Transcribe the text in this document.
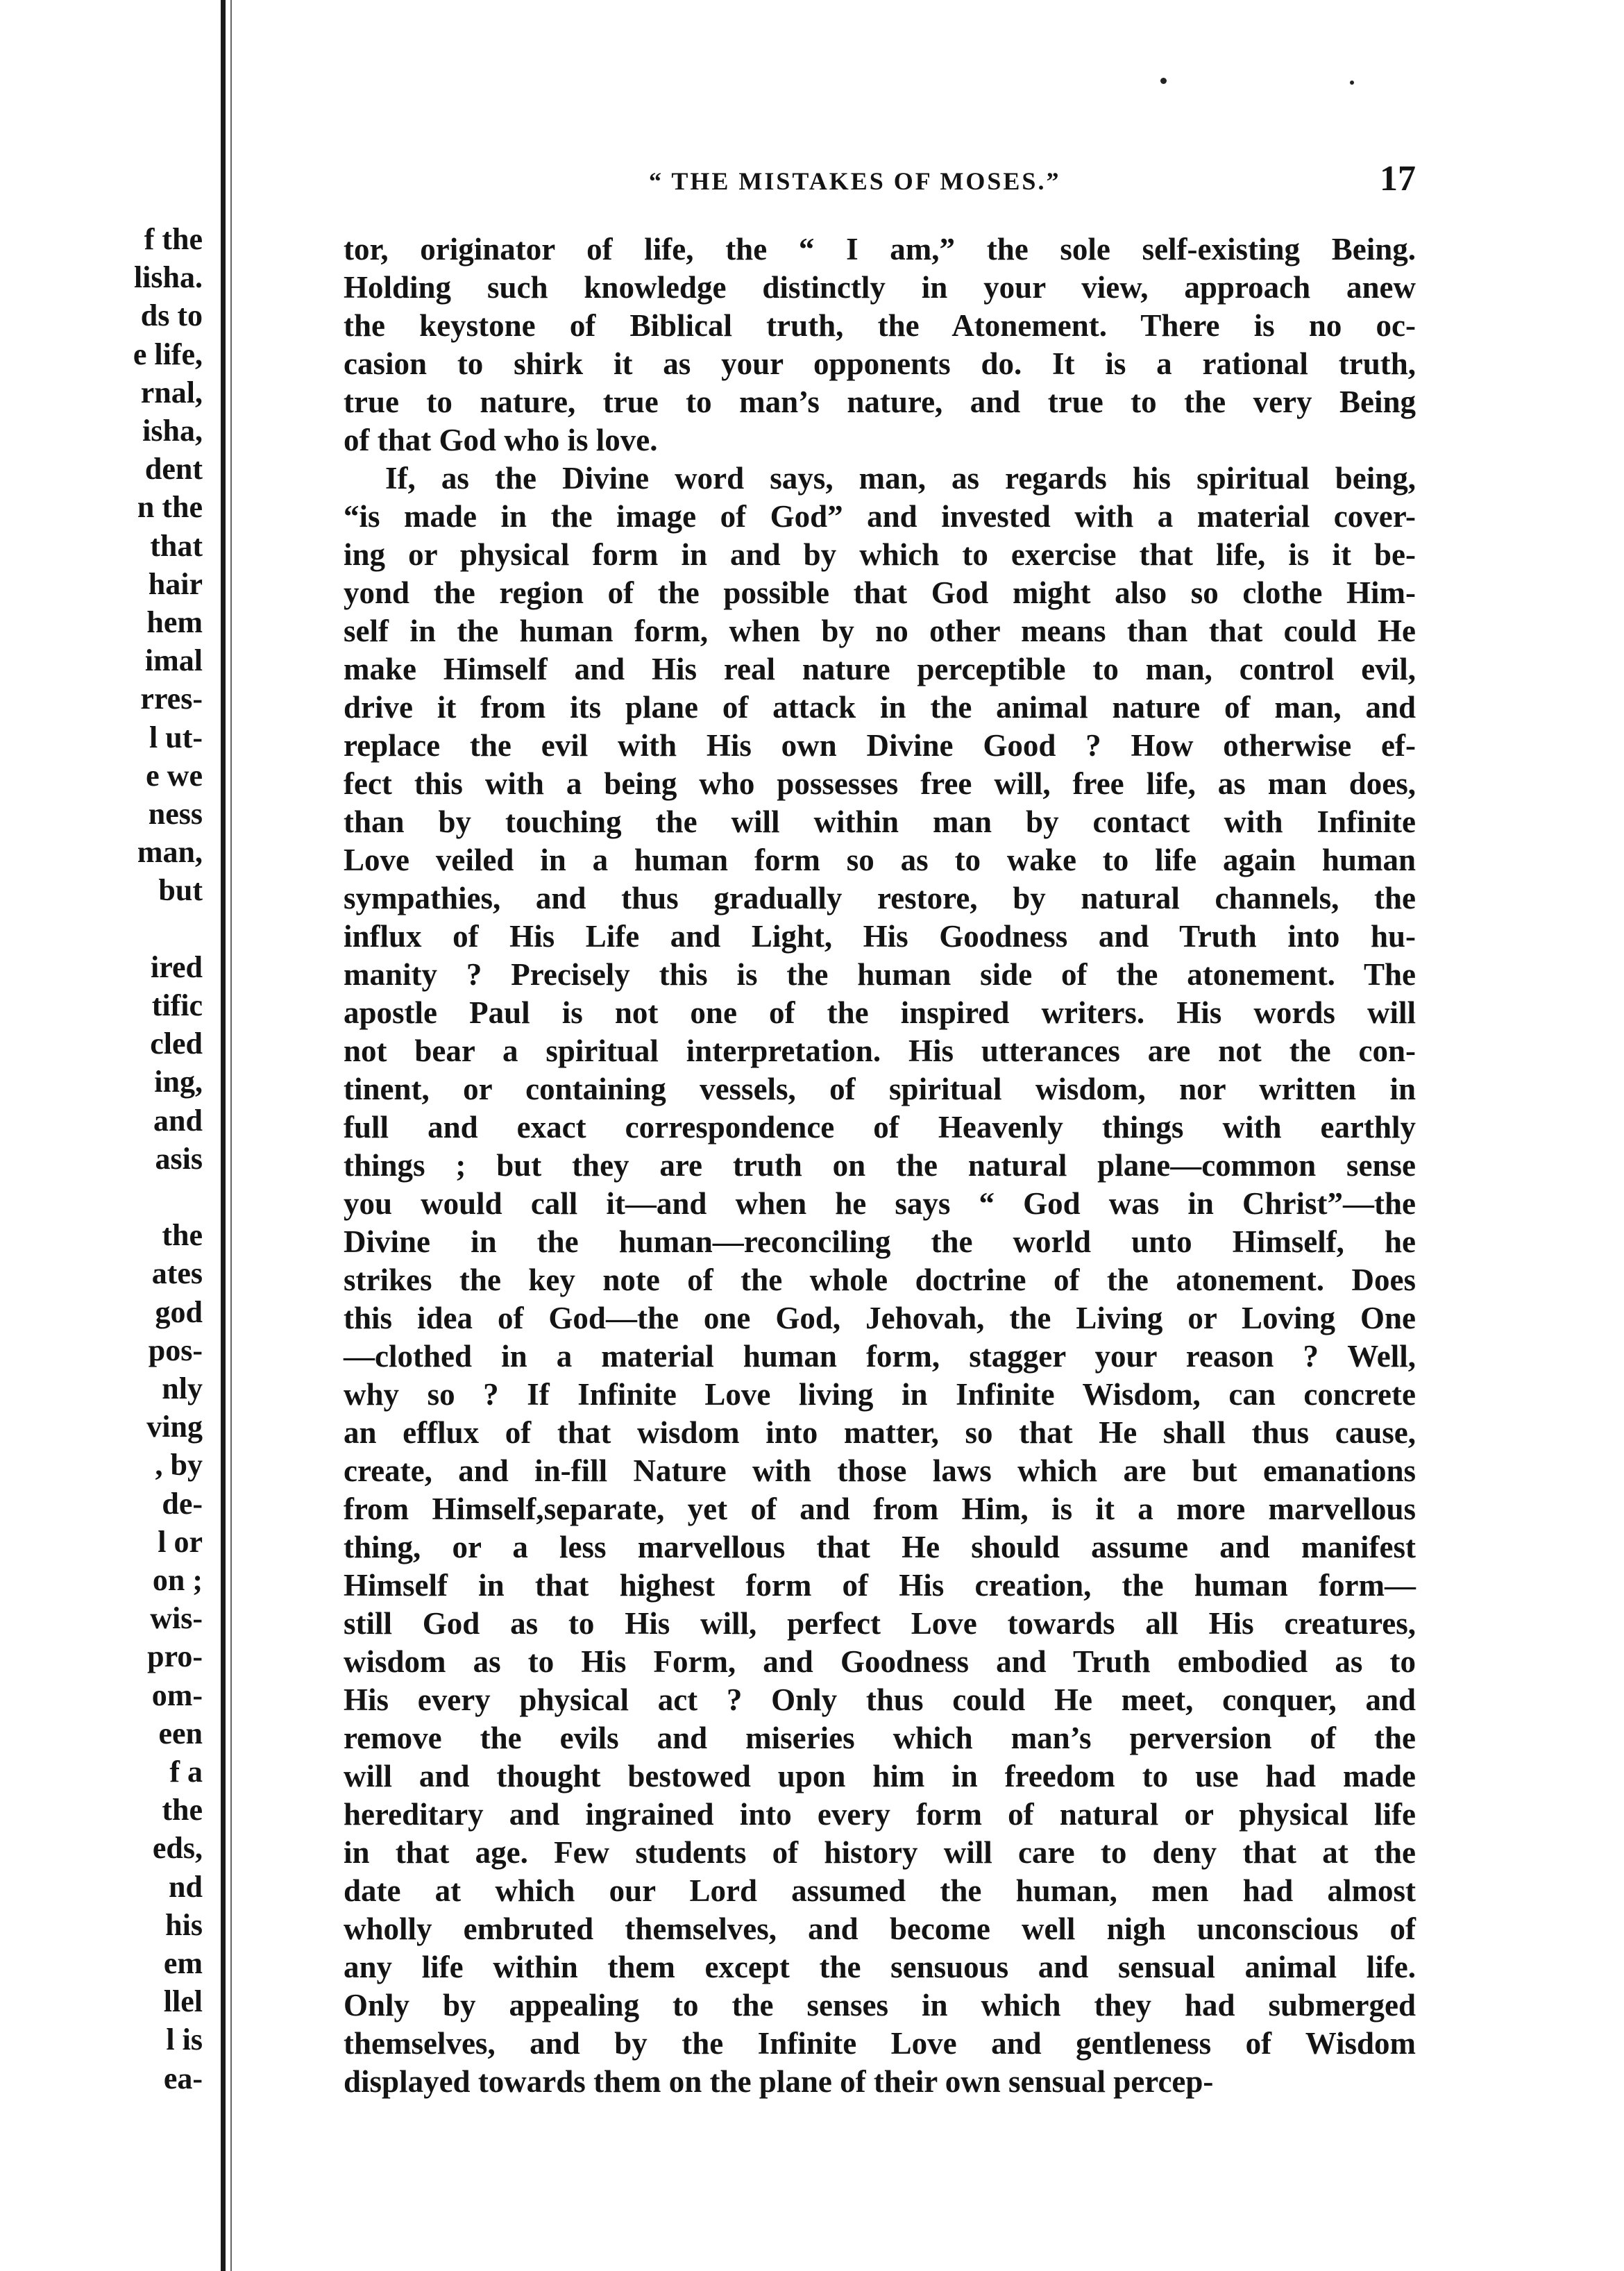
f the
lisha.
ds to
e life,
rnal,
isha,
dent
n the
that
hair
hem
imal
rres-
l ut-
e we
ness
man,
but
ired
tific
cled
ing,
and
asis
the
ates
god
pos-
nly
ving
, by
de-
l or
on ;
wis-
pro-
om-
een
f a
the
eds,
nd
his
em
llel
l is
ea-
“ THE MISTAKES OF MOSES.”	17
tor, originator of life, the “ I am,” the sole self-existing Being.
Holding such knowledge distinctly in your view, approach anew
the keystone of Biblical truth, the Atonement. There is no oc-
casion to shirk it as your opponents do. It is a rational truth,
true to nature, true to man’s nature, and true to the very Being
of that God who is love.
If, as the Divine word says, man, as regards his spiritual being,
“is made in the image of God” and invested with a material cover-
ing or physical form in and by which to exercise that life, is it be-
yond the region of the possible that God might also so clothe Him-
self in the human form, when by no other means than that could He
make Himself and His real nature perceptible to man, control evil,
drive it from its plane of attack in the animal nature of man, and
replace the evil with His own Divine Good ? How otherwise ef-
fect this with a being who possesses free will, free life, as man does,
than by touching the will within man by contact with Infinite
Love veiled in a human form so as to wake to life again human
sympathies, and thus gradually restore, by natural channels, the
influx of His Life and Light, His Goodness and Truth into hu-
manity ? Precisely this is the human side of the atonement. The
apostle Paul is not one of the inspired writers. His words will
not bear a spiritual interpretation. His utterances are not the con-
tinent, or containing vessels, of spiritual wisdom, nor written in
full and exact correspondence of Heavenly things with earthly
things ; but they are truth on the natural plane—common sense
you would call it—and when he says “ God was in Christ”—the
Divine in the human—reconciling the world unto Himself, he
strikes the key note of the whole doctrine of the atonement. Does
this idea of God—the one God, Jehovah, the Living or Loving One
—clothed in a material human form, stagger your reason ? Well,
why so ? If Infinite Love living in Infinite Wisdom, can concrete
an efflux of that wisdom into matter, so that He shall thus cause,
create, and in-fill Nature with those laws which are but emanations
from Himself,separate, yet of and from Him, is it a more marvellous
thing, or a less marvellous that He should assume and manifest
Himself in that highest form of His creation, the human form—
still God as to His will, perfect Love towards all His creatures,
wisdom as to His Form, and Goodness and Truth embodied as to
His every physical act ? Only thus could He meet, conquer, and
remove the evils and miseries which man’s perversion of the
will and thought bestowed upon him in freedom to use had made
hereditary and ingrained into every form of natural or physical life
in that age. Few students of history will care to deny that at the
date at which our Lord assumed the human, men had almost
wholly embruted themselves, and become well nigh unconscious of
any life within them except the sensuous and sensual animal life.
Only by appealing to the senses in which they had submerged
themselves, and by the Infinite Love and gentleness of Wisdom
displayed towards them on the plane of their own sensual percep-
